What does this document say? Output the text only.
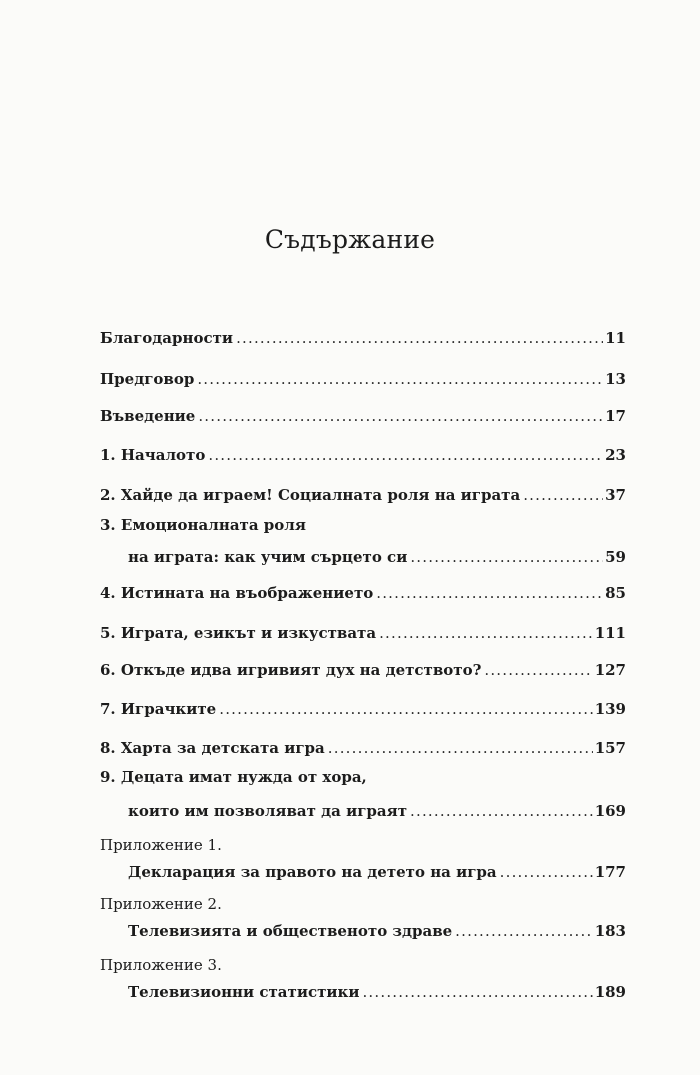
Съдържание
Благодарности .....	11
Предговор .....	13
Въведение .....	17
1. Началото .....	23
2. Хайде да играем! Социалната роля на играта .....	37
3. Емоционалната роля
на играта: как учим сърцето си .....	59
4. Истината на въображението .....	85
5. Играта, езикът и изкуствата .....	111
6. Откъде идва игривият дух на детството? .....	127
7. Играчките .....	139
8. Харта за детската игра .....	157
9. Децата имат нужда от хора,
които им позволяват да играят .....	169
Приложение 1.
Декларация за правото на детето на игра .....	177
Приложение 2.
Телевизията и общественото здраве .....	183
Приложение 3.
Телевизионни статистики .....	189
